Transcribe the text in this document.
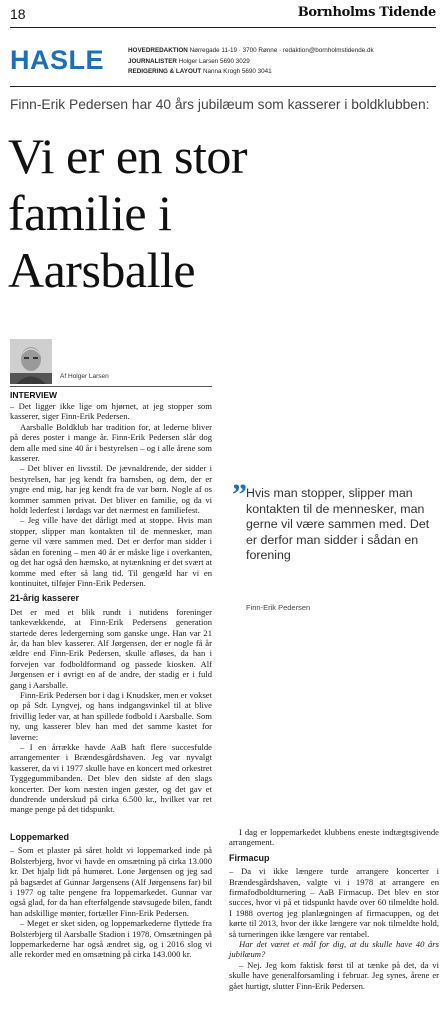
18	Bornholms Tidende
HASLE	HOVEDREDAKTION Nørregade 11-19 · 3700 Rønne · redaktion@bornholmstidende.dk
JOURNALISTER Holger Larsen 5690 3029
REDIGERING & LAYOUT Nanna Krogh 5690 3041
Finn-Erik Pedersen har 40 års jubilæum som kasserer i boldklubben:
Vi er en stor
familie i
Aarsballe
Af Holger Larsen
INTERVIEW

– Det ligger ikke lige om hjørnet, at jeg stopper som kasserer, siger Finn-Erik Pedersen.

Aarsballe Boldklub har tradition for, at lederne bliver på deres poster i mange år. Finn-Erik Pedersen slår dog dem alle med sine 40 år i bestyrelsen – og i alle årene som kasserer.

– Det bliver en livsstil. De jævnaldrende, der sidder i bestyrelsen, har jeg kendt fra barnsben, og dem, der er yngre end mig, har jeg kendt fra de var børn. Nogle af os kommer sammen privat. Det bliver en familie, og da vi holdt lederfest i lørdags var det nærmest en familiefest.

– Jeg ville have det dårligt med at stoppe. Hvis man stopper, slipper man kontakten til de mennesker, man gerne vil være sammen med. Det er derfor man sidder i sådan en forening – men 40 år er måske lige i overkanten, og det har også den hæmsko, at nytænkning er det svært at komme med efter så lang tid. Til gengæld har vi en kontinuitet, tilføjer Finn-Erik Pedersen.

21-årig kasserer

Det er med et blik rundt i nutidens foreninger tankevækkende, at Finn-Erik Pedersens generation startede deres ledergerning som ganske unge. Han var 21 år, da han blev kasserer. Alf Jørgensen, der er nogle få år ældre end Finn-Erik Pedersen, skulle afløses, da han i forvejen var fodboldformand og passede kiosken. Alf Jørgensen er i øvrigt en af de andre, der stadig er i fuld gang i Aarsballe.

Finn-Erik Pedersen bor i dag i Knudsker, men er vokset op på Sdr. Lyngvej, og hans indgangsvinkel til at blive frivillig leder var, at han spillede fodbold i Aarsballe. Som ny, ung kasserer blev han med det samme kastet for løverne:

– I en årrække havde AaB haft flere succesfulde arrangementer i Brændesgårdshaven. Jeg var nyvalgt kasserer, da vi i 1977 skulle have en koncert med orkestret Tyggegummibanden. Det blev den sidste af den slags koncerter. Der kom næsten ingen gæster, og det gav et dundrende underskud på cirka 6.500 kr., hvilket var ret mange penge på det tidspunkt.

Loppemarked

– Som et plaster på såret holdt vi loppemarked inde på Bolsterbjerg, hvor vi havde en omsætning på cirka 13.000 kr. Det hjalp lidt på humøret. Lone Jørgensen og jeg sad på bagsædet af Gunnar Jørgensens (Alf Jørgensens far) bil i 1977 og talte pengene fra loppemarkedet. Gunnar var også glad, for da han efterfølgende støvsugede bilen, fandt han adskillige mønter, fortæller Finn-Erik Pedersen.

– Meget er sket siden, og loppemarkederne flyttede fra Bolsterbjerg til Aarsballe Stadion i 1978. Omsætningen på loppemarkederne har også ændret sig, og i 2016 slog vi alle rekorder med en omsætning på cirka 143.000 kr.

” Hvis man stopper, slipper man kontakten til de mennesker, man gerne vil være sammen med. Det er derfor man sidder i sådan en forening
Finn-Erik Pedersen

I dag er loppemarkedet klubbens eneste indtægtsgivende arrangement.

Firmacup

– Da vi ikke længere turde arrangere koncerter i Brændesgårdshaven, valgte vi i 1978 at arrangere en firmafodboldturnering – AaB Firmacup. Det blev en stor succes, hvor vi på et tidspunkt havde over 60 tilmeldte hold. I 1988 overtog jeg planlægningen af firmacuppen, og det kørte til 2013, hvor der ikke længere var nok tilmeldte hold, så turneringen ikke længere var rentabel.

Har det været et mål for dig, at du skulle have 40 års jubilæum?

– Nej. Jeg kom faktisk først til at tænke på det, da vi skulle have generalforsamling i februar. Jeg synes, årene er gået hurtigt, slutter Finn-Erik Pedersen.
